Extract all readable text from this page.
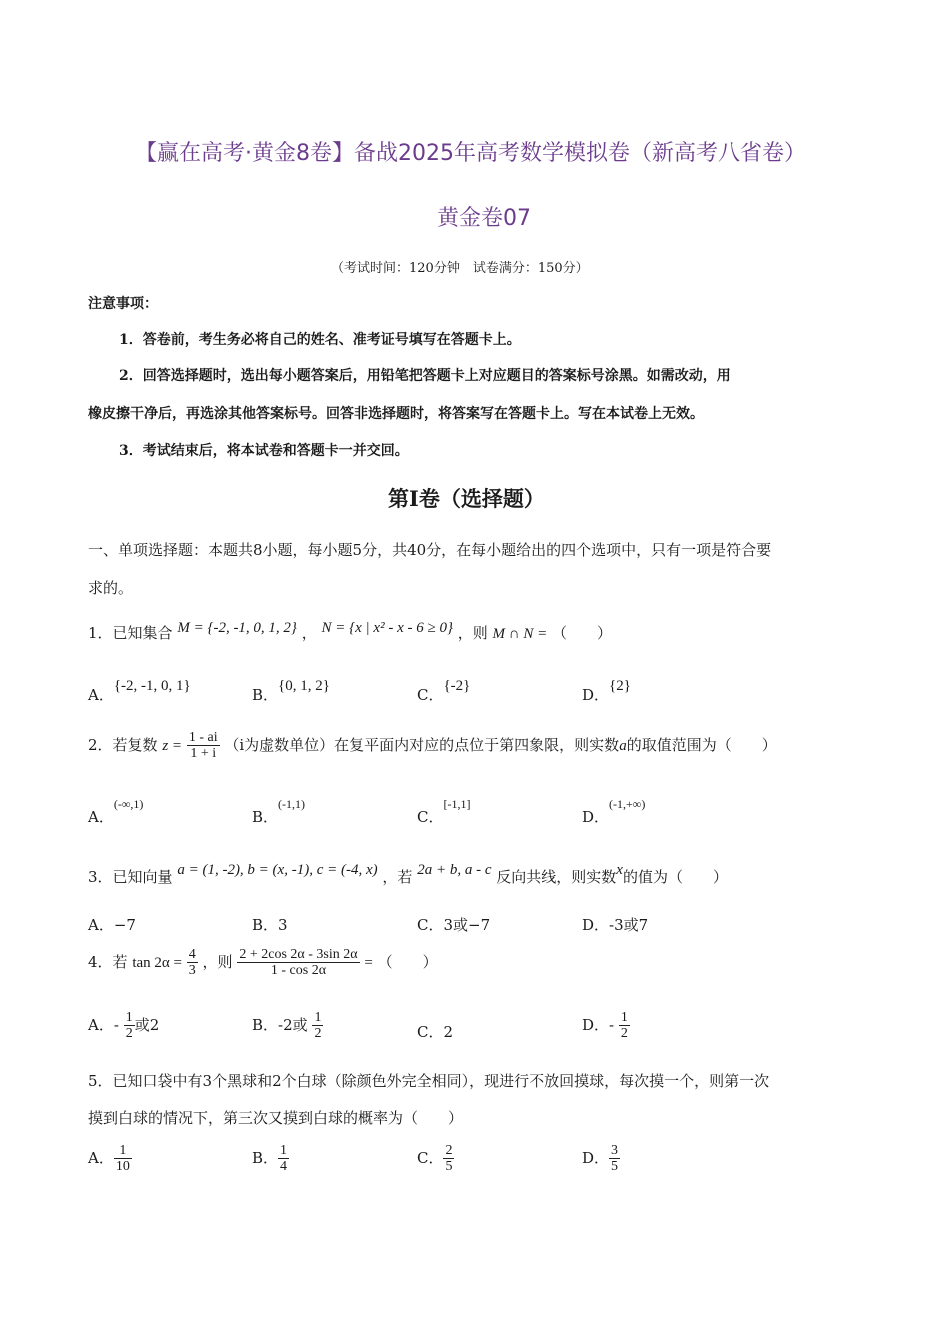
【赢在高考·黄金8卷】备战2025年高考数学模拟卷（新高考八省卷）
黄金卷07
（考试时间：120分钟　试卷满分：150分）
注意事项：
1．答卷前，考生务必将自己的姓名、准考证号填写在答题卡上。
2．回答选择题时，选出每小题答案后，用铅笔把答题卡上对应题目的答案标号涂黑。如需改动，用
橡皮擦干净后，再选涂其他答案标号。回答非选择题时，将答案写在答题卡上。写在本试卷上无效。
3．考试结束后，将本试卷和答题卡一并交回。
第I卷（选择题）
一、单项选择题：本题共8小题，每小题5分，共40分，在每小题给出的四个选项中，只有一项是符合要
求的。
1．已知集合 M = {-2, -1, 0, 1, 2} ， N = {x | x² - x - 6 ≥ 0} ，则 M ∩ N = （　　）
A．{-2, -1, 0, 1}	B．{0, 1, 2}	C．{-2}	D．{2}
2．若复数 $z = \frac{1 - ai}{1 + i} (i$为虚数单位）在复平面内对应的点位于第四象限，则实数a的取值范围为（　　）
A．$^{(-\infty,1)}$
B．$^{(-1,1)}$
C．[-1,1]
D．$^{(-1,+\infty)}$
3．已知向量 a = (1, -2), b = (x, -1), c = (-4, x) ，若 2a + b, a - c 反向共线，则实数x的值为（　　）
A．−7	B．3	C．3或−7	D．-3或7
4．若 $\tan 2\alpha = \frac{4}{3}$ ，则 $\frac{2 + 2\cos 2\alpha - 3\sin 2\alpha}{1 - \cos 2\alpha}$ = （　　）
A．- $\frac{1}{2}$ 或2	B．-2或 $\frac{1}{2}$	C．2	D．- $\frac{1}{2}$
5．已知口袋中有3个黑球和2个白球（除颜色外完全相同），现进行不放回摸球，每次摸一个，则第一次
摸到白球的情况下，第三次又摸到白球的概率为（　　）
A． $\frac{1}{10}$	B． $\frac{1}{4}$	C． $\frac{2}{5}$	D． $\frac{3}{5}$
